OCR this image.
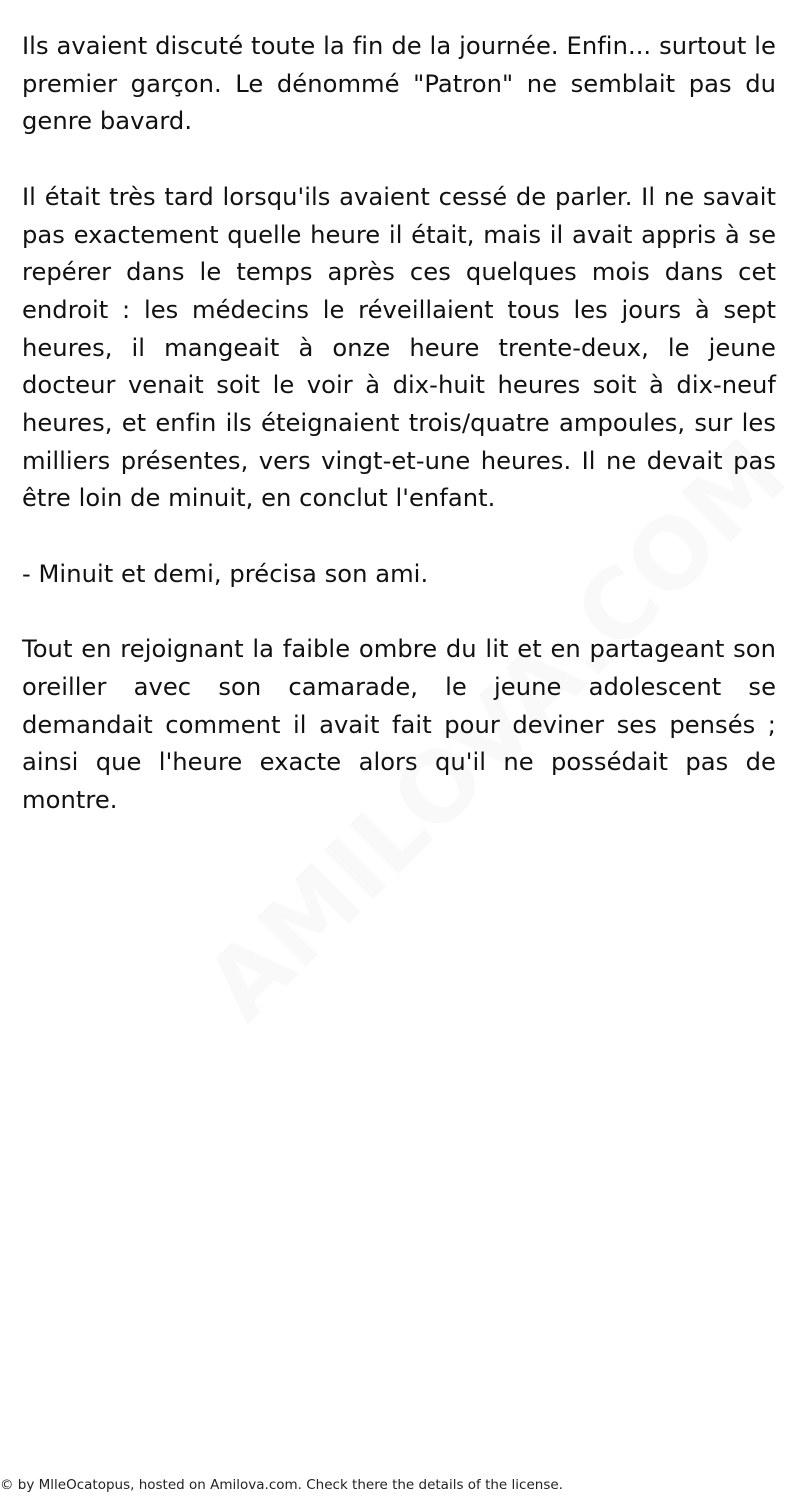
Ils avaient discuté toute la fin de la journée. Enfin... surtout le premier garçon. Le dénommé "Patron" ne semblait pas du genre bavard.

Il était très tard lorsqu'ils avaient cessé de parler. Il ne savait pas exactement quelle heure il était, mais il avait appris à se repérer dans le temps après ces quelques mois dans cet endroit : les médecins le réveillaient tous les jours à sept heures, il mangeait à onze heure trente-deux, le jeune docteur venait soit le voir à dix-huit heures soit à dix-neuf heures, et enfin ils éteignaient trois/quatre ampoules, sur les milliers présentes, vers vingt-et-une heures. Il ne devait pas être loin de minuit, en conclut l'enfant.

- Minuit et demi, précisa son ami.

Tout en rejoignant la faible ombre du lit et en partageant son oreiller avec son camarade, le jeune adolescent se demandait comment il avait fait pour deviner ses pensés ; ainsi que l'heure exacte alors qu'il ne possédait pas de montre.

© by MlleOcatopus, hosted on Amilova.com. Check there the details of the license.
